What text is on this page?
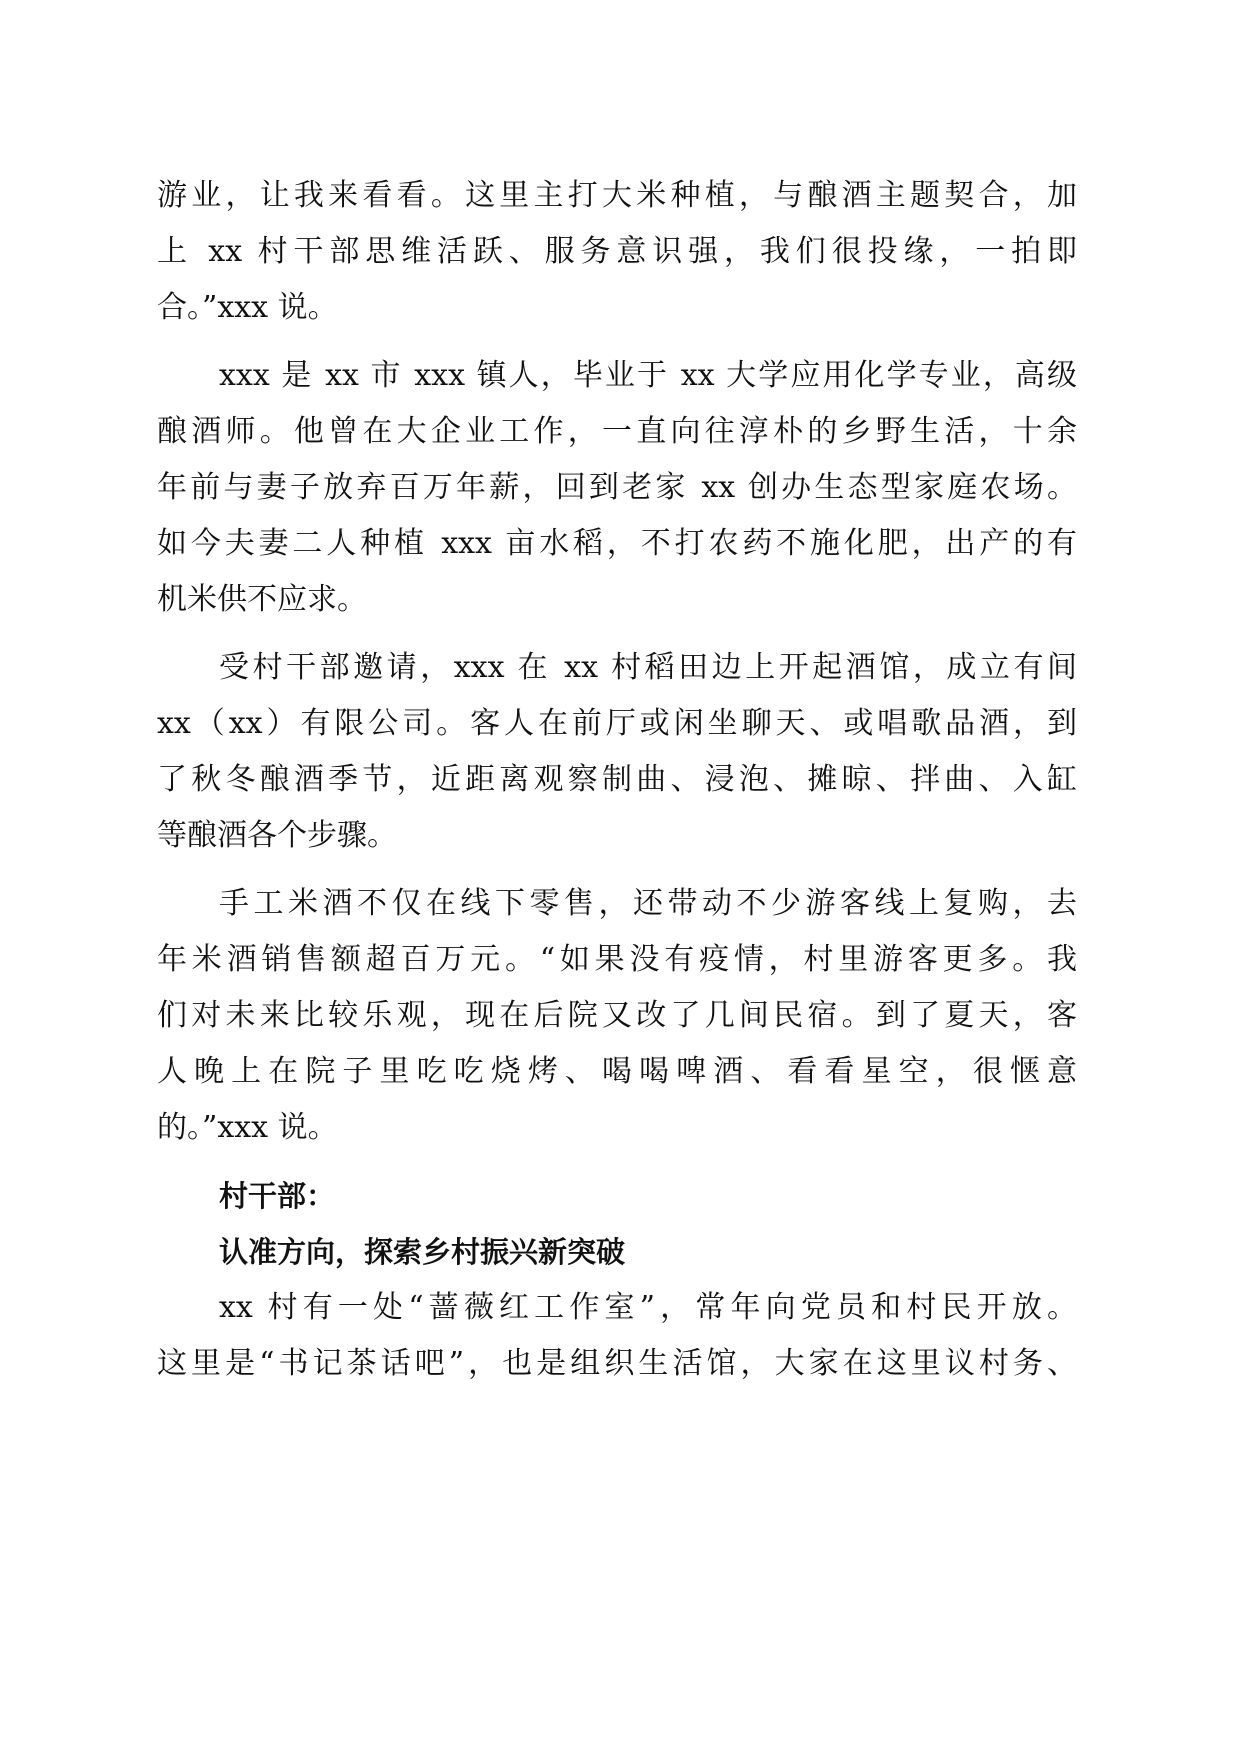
游业，让我来看看。这里主打大米种植，与酿酒主题契合，加
上 xx 村干部思维活跃、服务意识强，我们很投缘，一拍即
合。”xxx 说。
xxx 是 xx 市 xxx 镇人，毕业于 xx 大学应用化学专业，高级
酿酒师。他曾在大企业工作，一直向往淳朴的乡野生活，十余
年前与妻子放弃百万年薪，回到老家 xx 创办生态型家庭农场。
如今夫妻二人种植 xxx 亩水稻，不打农药不施化肥，出产的有
机米供不应求。
受村干部邀请，xxx 在 xx 村稻田边上开起酒馆，成立有间
xx（xx）有限公司。客人在前厅或闲坐聊天、或唱歌品酒，到
了秋冬酿酒季节，近距离观察制曲、浸泡、摊晾、拌曲、入缸
等酿酒各个步骤。
手工米酒不仅在线下零售，还带动不少游客线上复购，去
年米酒销售额超百万元。“如果没有疫情，村里游客更多。我
们对未来比较乐观，现在后院又改了几间民宿。到了夏天，客
人晚上在院子里吃吃烧烤、喝喝啤酒、看看星空，很惬意
的。”xxx 说。
村干部：
认准方向，探索乡村振兴新突破
xx 村有一处“蔷薇红工作室”，常年向党员和村民开放。
这里是“书记茶话吧”，也是组织生活馆，大家在这里议村务、
